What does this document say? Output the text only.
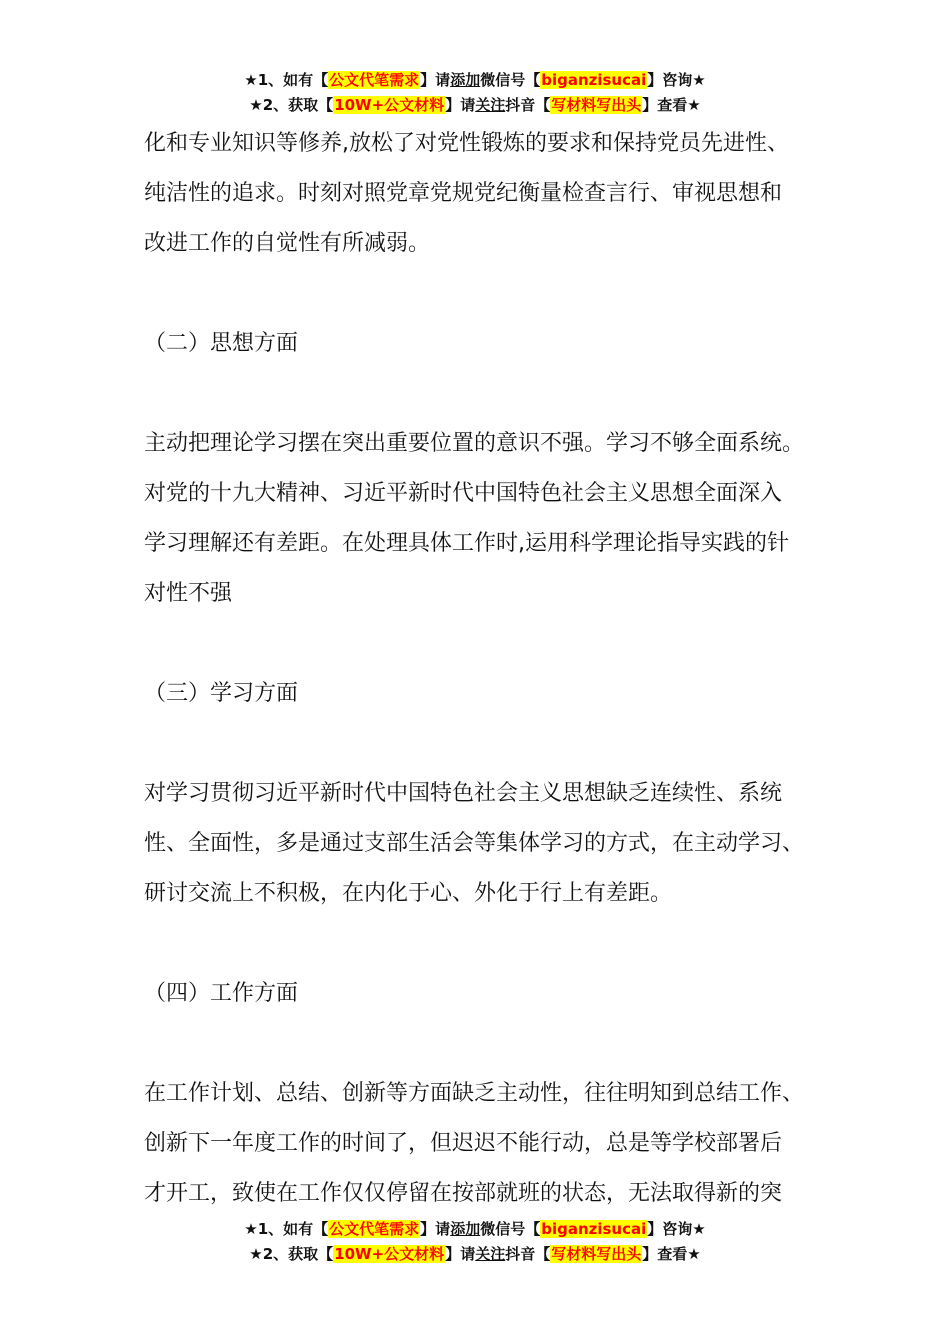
★1、如有【公文代笔需求】请添加微信号【biganzisucai】咨询★
★2、获取【10W+公文材料】请关注抖音【写材料写出头】查看★
化和专业知识等修养,放松了对党性锻炼的要求和保持党员先进性、
纯洁性的追求。时刻对照党章党规党纪衡量检查言行、审视思想和
改进工作的自觉性有所减弱。
（二）思想方面
主动把理论学习摆在突出重要位置的意识不强。学习不够全面系统。
对党的十九大精神、习近平新时代中国特色社会主义思想全面深入
学习理解还有差距。在处理具体工作时,运用科学理论指导实践的针
对性不强
（三）学习方面
对学习贯彻习近平新时代中国特色社会主义思想缺乏连续性、系统
性、全面性，多是通过支部生活会等集体学习的方式，在主动学习、
研讨交流上不积极，在内化于心、外化于行上有差距。
（四）工作方面
在工作计划、总结、创新等方面缺乏主动性，往往明知到总结工作、
创新下一年度工作的时间了，但迟迟不能行动，总是等学校部署后
才开工，致使在工作仅仅停留在按部就班的状态，无法取得新的突
★1、如有【公文代笔需求】请添加微信号【biganzisucai】咨询★
★2、获取【10W+公文材料】请关注抖音【写材料写出头】查看★
